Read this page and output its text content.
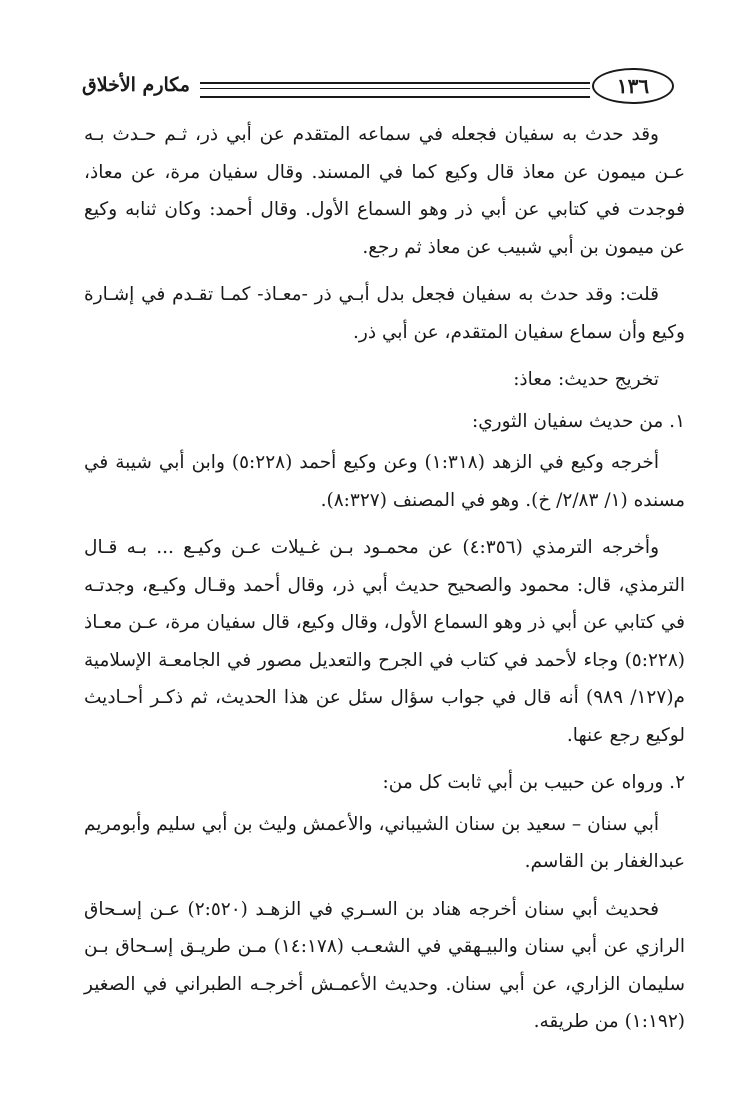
١٣٦
مكارم الأخلاق

وقد حدث به سفيان فجعله في سماعه المتقدم عن أبي ذر، ثـم حـدث بـه عـن ميمون عن معاذ قال وكيع كما في المسند. وقال سفيان مرة، عن معاذ، فوجدت في كتابي عن أبي ذر وهو السماع الأول. وقال أحمد: وكان ثنابه وكيع عن ميمون بن أبي شبيب عن معاذ ثم رجع.

قلت: وقد حدث به سفيان فجعل بدل أبـي ذر -معـاذ- كمـا تقـدم في إشـارة وكيع وأن سماع سفيان المتقدم، عن أبي ذر.

تخريج حديث: معاذ:

١. من حديث سفيان الثوري:

أخرجه وكيع في الزهد (١:٣١٨) وعن وكيع أحمد (٥:٢٢٨) وابن أبي شيبة في مسنده (١/ ٢/٨٣/ خ). وهو في المصنف (٨:٣٢٧).

وأخرجه الترمذي (٤:٣٥٦) عن محمـود بـن غـيلات عـن وكيـع ... بـه قـال الترمذي، قال: محمود والصحيح حديث أبي ذر، وقال أحمد وقـال وكيـع، وجدتـه في كتابي عن أبي ذر وهو السماع الأول، وقال وكيع، قال سفيان مرة، عـن معـاذ (٥:٢٢٨) وجاء لأحمد في كتاب في الجرح والتعديل مصور في الجامعـة الإسلامية م(١٢٧/ ٩٨٩) أنه قال في جواب سؤال سئل عن هذا الحديث، ثم ذكـر أحـاديث لوكيع رجع عنها.

٢. ورواه عن حبيب بن أبي ثابت كل من:

أبي سنان – سعيد بن سنان الشيباني، والأعمش وليث بن أبي سليم وأبومريم عبدالغفار بن القاسم.

فحديث أبي سنان أخرجه هناد بن السـري في الزهـد (٢:٥٢٠) عـن إسـحاق الرازي عن أبي سنان والبيـهقي في الشعـب (١٤:١٧٨) مـن طريـق إسـحاق بـن سليمان الزاري، عن أبي سنان. وحديث الأعمـش أخرجـه الطبراني في الصغير (١:١٩٢) من طريقه.
